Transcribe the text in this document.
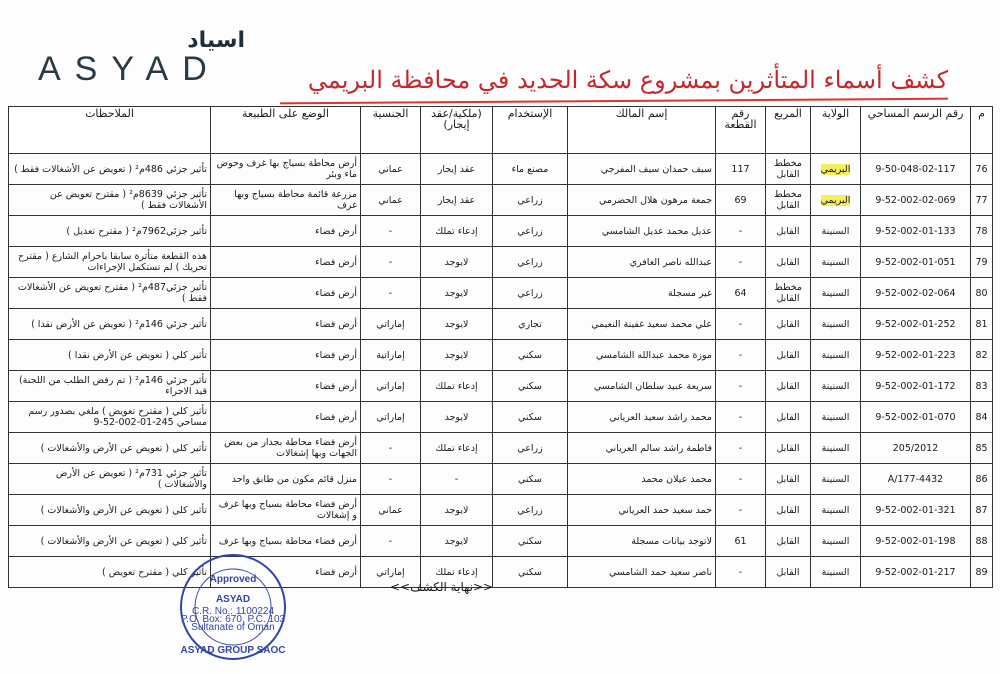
اسياد
ASYAD	كشف أسماء المتأثرين بمشروع سكة الحديد في محافظة البريمي
م	رقم الرسم المساحي	الولاية	المربع	رقم القطعة	إسم المالك	الإستخدام	(ملكية/عقد إيجار)	الجنسية	الوضع على الطبيعة	الملاحظات
76	9-50-048-02-117	البريمي	مخطط القابل	117	سيف حمدان سيف المفرجي	مصنع ماء	عقد إيجار	عماني	أرض محاطة بسياج بها غرف وحوض ماء وبئر	تأثير جزئي 486م² ( تعويض عن الأشغالات فقط )
77	9-52-002-02-069	البريمي	مخطط القابل	69	جمعة مرهون هلال الحضرمي	زراعي	عقد إيجار	عماني	مزرعة قائمة محاطة بسياج وبها غرف	تأثير جزئي 8639م² ( مقترح تعويض عن الأشغالات فقط )
78	9-52-002-01-133	السنينة	القابل	-	عديل محمد عديل الشامسي	زراعي	إدعاء تملك	-	أرض فضاء	تأثير جزئي7962م² ( مقترح تعديل )
79	9-52-002-01-051	السنينة	القابل	-	عبدالله ناصر الغافري	زراعي	لايوجد	-	أرض فضاء	هذه القطعة متأثرة سابقا باحرام الشارع ( مقترح تحريك ) لم تستكمل الإجراءات
80	9-52-002-02-064	السنينة	مخطط القابل	64	غير مسجلة	زراعي	لايوجد	-	أرض فضاء	تأثير جزئي487م² ( مقترح تعويض عن الأشغالات فقط )
81	9-52-002-01-252	السنينة	القابل	-	علي محمد سعيد غفينة النعيمي	تجاري	لايوجد	إماراتي	أرض فضاء	تأثير جزئي 146م² ( تعويض عن الأرض نقدا )
82	9-52-002-01-223	السنينة	القابل	-	موزة محمد عبدالله الشامسي	سكني	لايوجد	إماراتية	أرض فضاء	تأثير كلي ( تعويض عن الأرض نقدا )
83	9-52-002-01-172	السنينة	القابل	-	سريعة عبيد سلطان الشامسي	سكني	إدعاء تملك	إماراتي	أرض فضاء	تأثير جزئي 146م² ( تم رفض الطلب من اللجنة) قيد الاجراء
84	9-52-002-01-070	السنينة	القابل	-	محمد راشد سعيد العرياني	سكني	لايوجد	إماراتي	أرض فضاء	تأثير كلي ( مقترح تعويض ) ملغي بصدور رسم مساحي 245-01-002-52-9
85	205/2012	السنينة	القابل	-	فاطمة راشد سالم العرياني	زراعي	إدعاء تملك	-	أرض فضاء محاطة بجدار من بعض الجهات وبها إشغالات	تأثير كلي ( تعويض عن الأرض والأشغالات )
86	177-4432/A	السنينة	القابل	-	محمد عيلان محمد	سكني	-	-	منزل قائم مكون من طابق واحد	تأثير جزئي 731م² ( تعويض عن الأرض والأشغالات )
87	9-52-002-01-321	السنينة	القابل	-	حمد سعيد حمد العرياني	زراعي	لايوجد	عماني	أرض فضاء محاطة بسياج وبها غرف و إشغالات	تأثير كلي ( تعويض عن الأرض والأشغالات )
88	9-52-002-01-198	السنينة	القابل	61	لاتوجد بيانات مسجلة	سكني	لايوجد	-	أرض فضاء محاطة بسياج وبها غرف	تأثير كلي ( تعويض عن الأرض والأشغالات )
89	9-52-002-01-217	السنينة	القابل	-	ناصر سعيد حمد الشامسي	سكني	إدعاء تملك	إماراتي	أرض فضاء	تأثير كلي ( مقترح تعويض )
<<نهاية الكشف>>
Approved
ASYAD
C.R. No.: 1100224
P.O. Box: 670, P.C. 103
Sultanate of Oman
ASYAD GROUP SAOC
